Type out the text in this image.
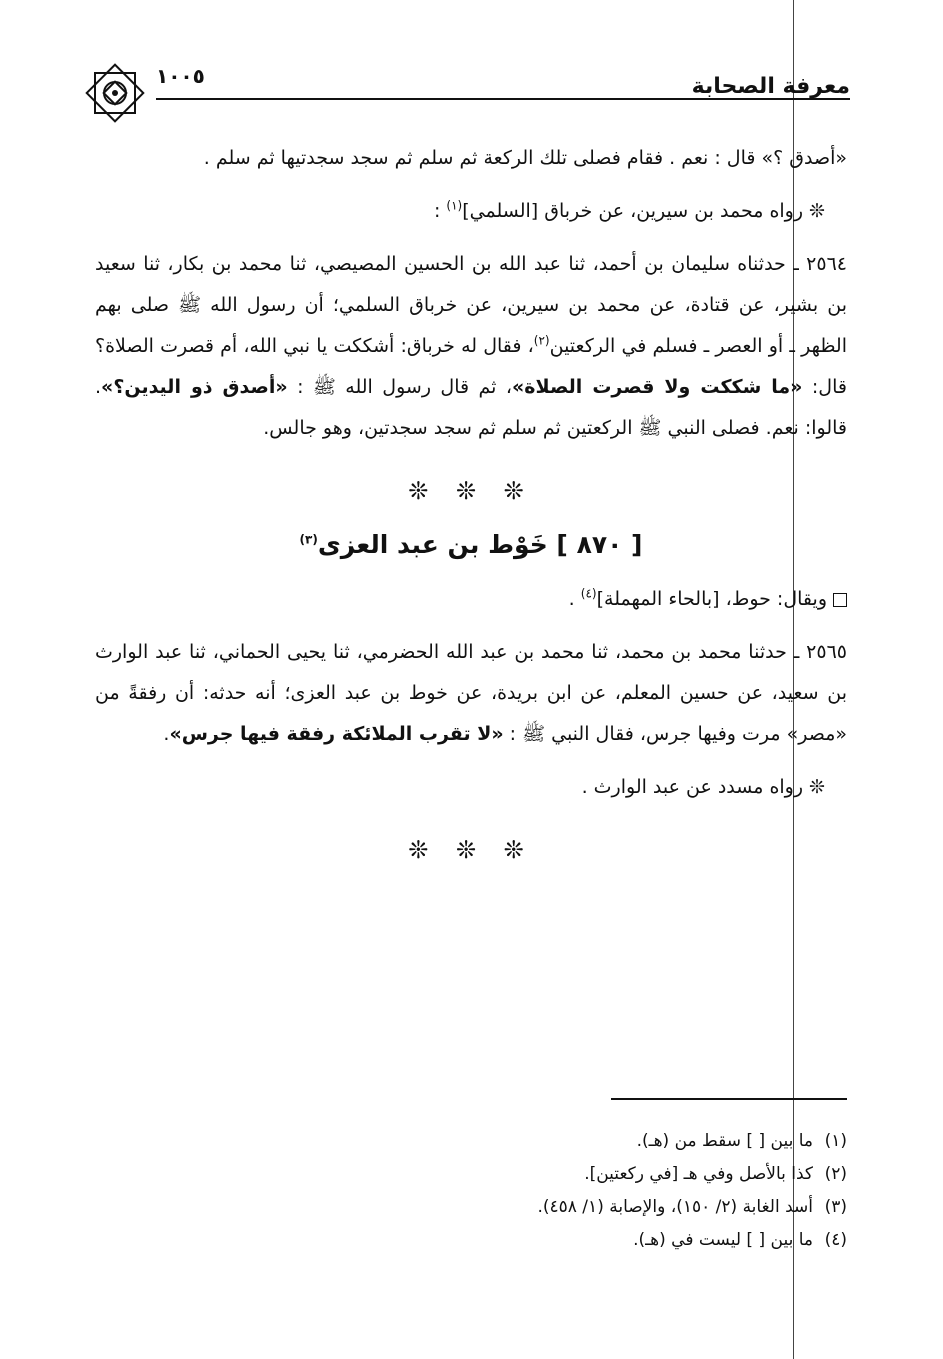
١٠٠٥	معرفة الصحابة

«أصدق ؟» قال : نعم . فقام فصلى تلك الركعة ثم سلم ثم سجد سجدتيها ثم سلم .

❊ رواه محمد بن سيرين، عن خرباق [السلمي]$^{(١)}$ :

٢٥٦٤ ـ حدثناه سليمان بن أحمد، ثنا عبد الله بن الحسين المصيصي، ثنا محمد بن بكار، ثنا سعيد بن بشير، عن قتادة، عن محمد بن سيرين، عن خرباق السلمي؛ أن رسول الله ﷺ صلى بهم الظهر ـ أو العصر ـ فسلم في الركعتين$^{(٢)}$، فقال له خرباق: أشككت يا نبي الله، أم قصرت الصلاة؟ قال: «ما شككت ولا قصرت الصلاة»، ثم قال رسول الله ﷺ : «أصدق ذو اليدين؟». قالوا: نعم. فصلى النبي ﷺ الركعتين ثم سلم ثم سجد سجدتين، وهو جالس.

❊ ❊ ❊
[ ٨٧٠ ] خَوْط بن عبد العزى$^{(٣)}$

ويقال: حوط، [بالحاء المهملة]$^{(٤)}$ .

٢٥٦٥ ـ حدثنا محمد بن محمد، ثنا محمد بن عبد الله الحضرمي، ثنا يحيى الحماني، ثنا عبد الوارث بن سعيد، عن حسين المعلم، عن ابن بريدة، عن خوط بن عبد العزى؛ أنه حدثه: أن رفقةً من «مصر» مرت وفيها جرس، فقال النبي ﷺ : «لا تقرب الملائكة رفقة فيها جرس».

❊ رواه مسدد عن عبد الوارث .

❊ ❊ ❊
(١)ما بين [ ] سقط من (هـ).
(٢)كذا بالأصل وفي هـ [في ركعتين].
(٣)أسد الغابة (٢/ ١٥٠)، والإصابة (١/ ٤٥٨).
(٤)ما بين [ ] ليست في (هـ).
